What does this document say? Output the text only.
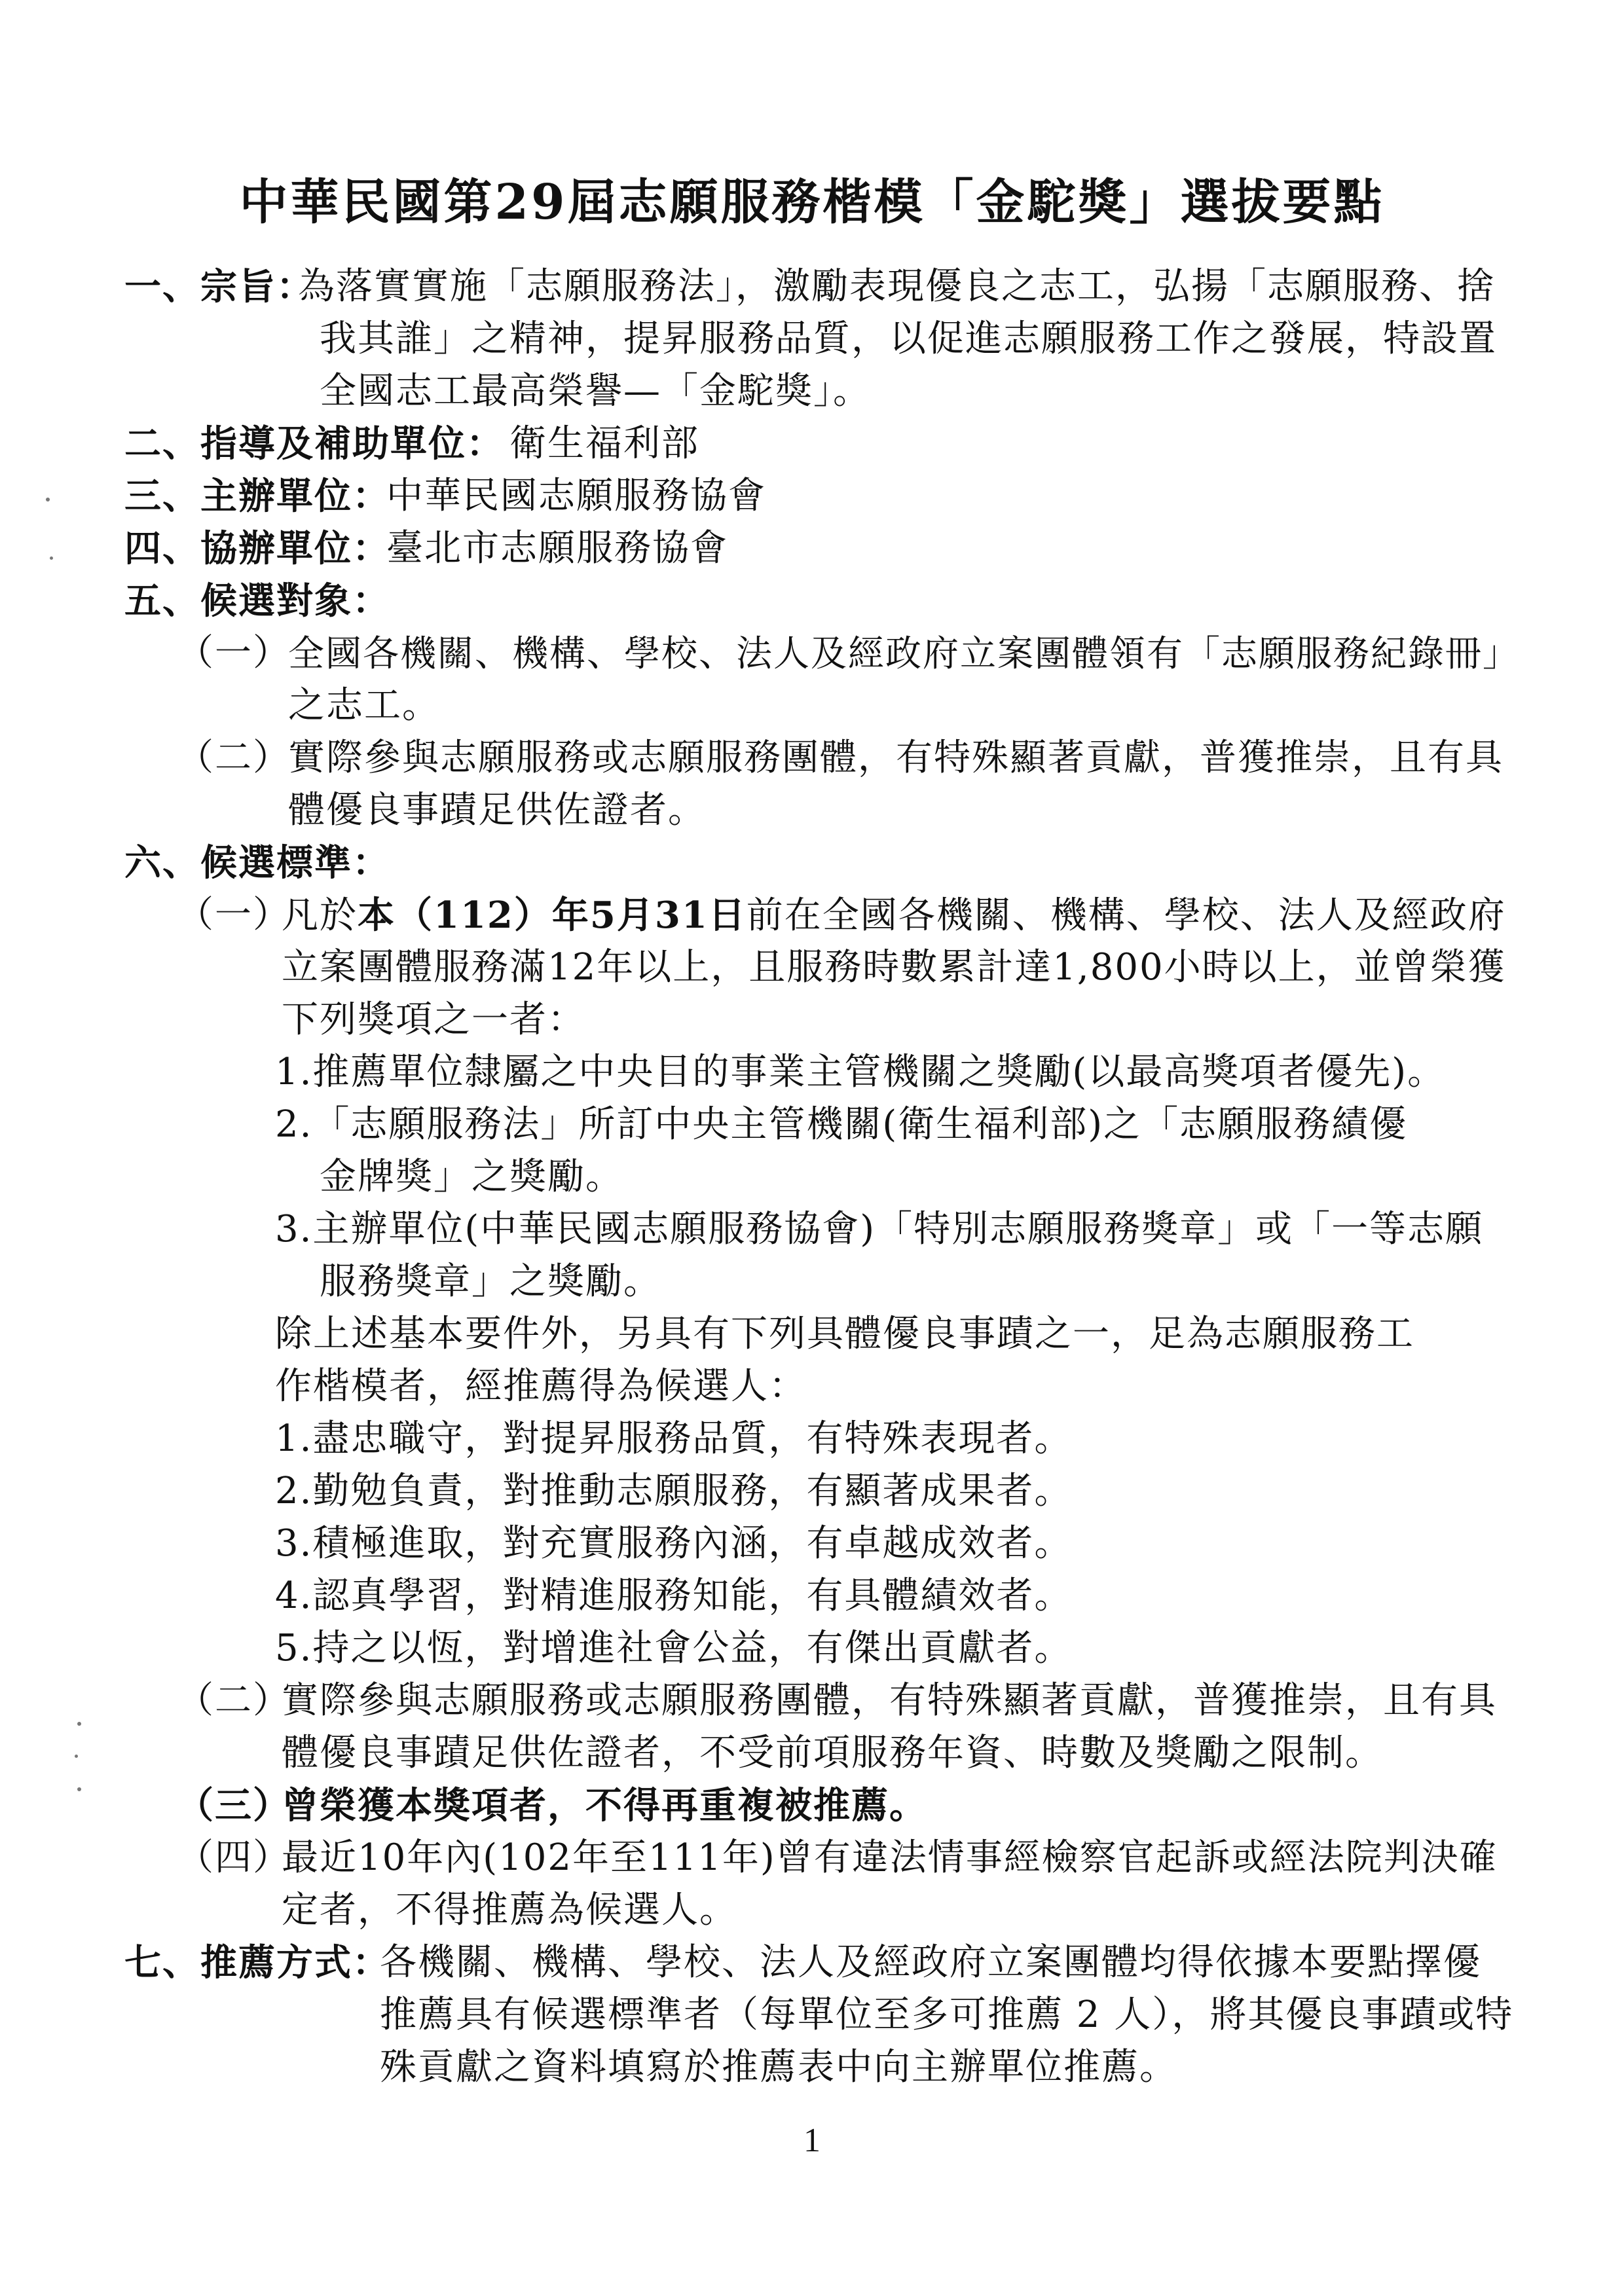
中華民國第29屆志願服務楷模「金駝獎」選拔要點
一、宗旨：
為落實實施「志願服務法」，激勵表現優良之志工，弘揚「志願服務、捨
我其誰」之精神，提昇服務品質，以促進志願服務工作之發展，特設置
全國志工最高榮譽—「金駝獎」。
二、指導及補助單位： 衛生福利部
三、主辦單位：
中華民國志願服務協會
四、協辦單位：
臺北市志願服務協會
五、候選對象：
（一）
全國各機關、機構、學校、法人及經政府立案團體領有「志願服務紀錄冊」
之志工。
（二）
實際參與志願服務或志願服務團體，有特殊顯著貢獻，普獲推崇，且有具
體優良事蹟足供佐證者。
六、候選標準：
（一）
凡於本（112）年5月31日前在全國各機關、機構、學校、法人及經政府
立案團體服務滿12年以上，且服務時數累計達1,800小時以上，並曾榮獲
下列獎項之一者：
1.推薦單位隸屬之中央目的事業主管機關之獎勵(以最高獎項者優先)。
2.「志願服務法」所訂中央主管機關(衛生福利部)之「志願服務績優
金牌獎」之獎勵。
3.主辦單位(中華民國志願服務協會)「特別志願服務獎章」或「一等志願
服務獎章」之獎勵。
除上述基本要件外，另具有下列具體優良事蹟之一，足為志願服務工
作楷模者，經推薦得為候選人：
1.盡忠職守，對提昇服務品質，有特殊表現者。
2.勤勉負責，對推動志願服務，有顯著成果者。
3.積極進取，對充實服務內涵，有卓越成效者。
4.認真學習，對精進服務知能，有具體績效者。
5.持之以恆，對增進社會公益，有傑出貢獻者。
（二）
實際參與志願服務或志願服務團體，有特殊顯著貢獻，普獲推崇，且有具
體優良事蹟足供佐證者，不受前項服務年資、時數及獎勵之限制。
（三）
曾榮獲本獎項者，不得再重複被推薦。
（四）
最近10年內(102年至111年)曾有違法情事經檢察官起訴或經法院判決確
定者，不得推薦為候選人。
七、推薦方式：
各機關、機構、學校、法人及經政府立案團體均得依據本要點擇優
推薦具有候選標準者（每單位至多可推薦 2 人），將其優良事蹟或特
殊貢獻之資料填寫於推薦表中向主辦單位推薦。
1
